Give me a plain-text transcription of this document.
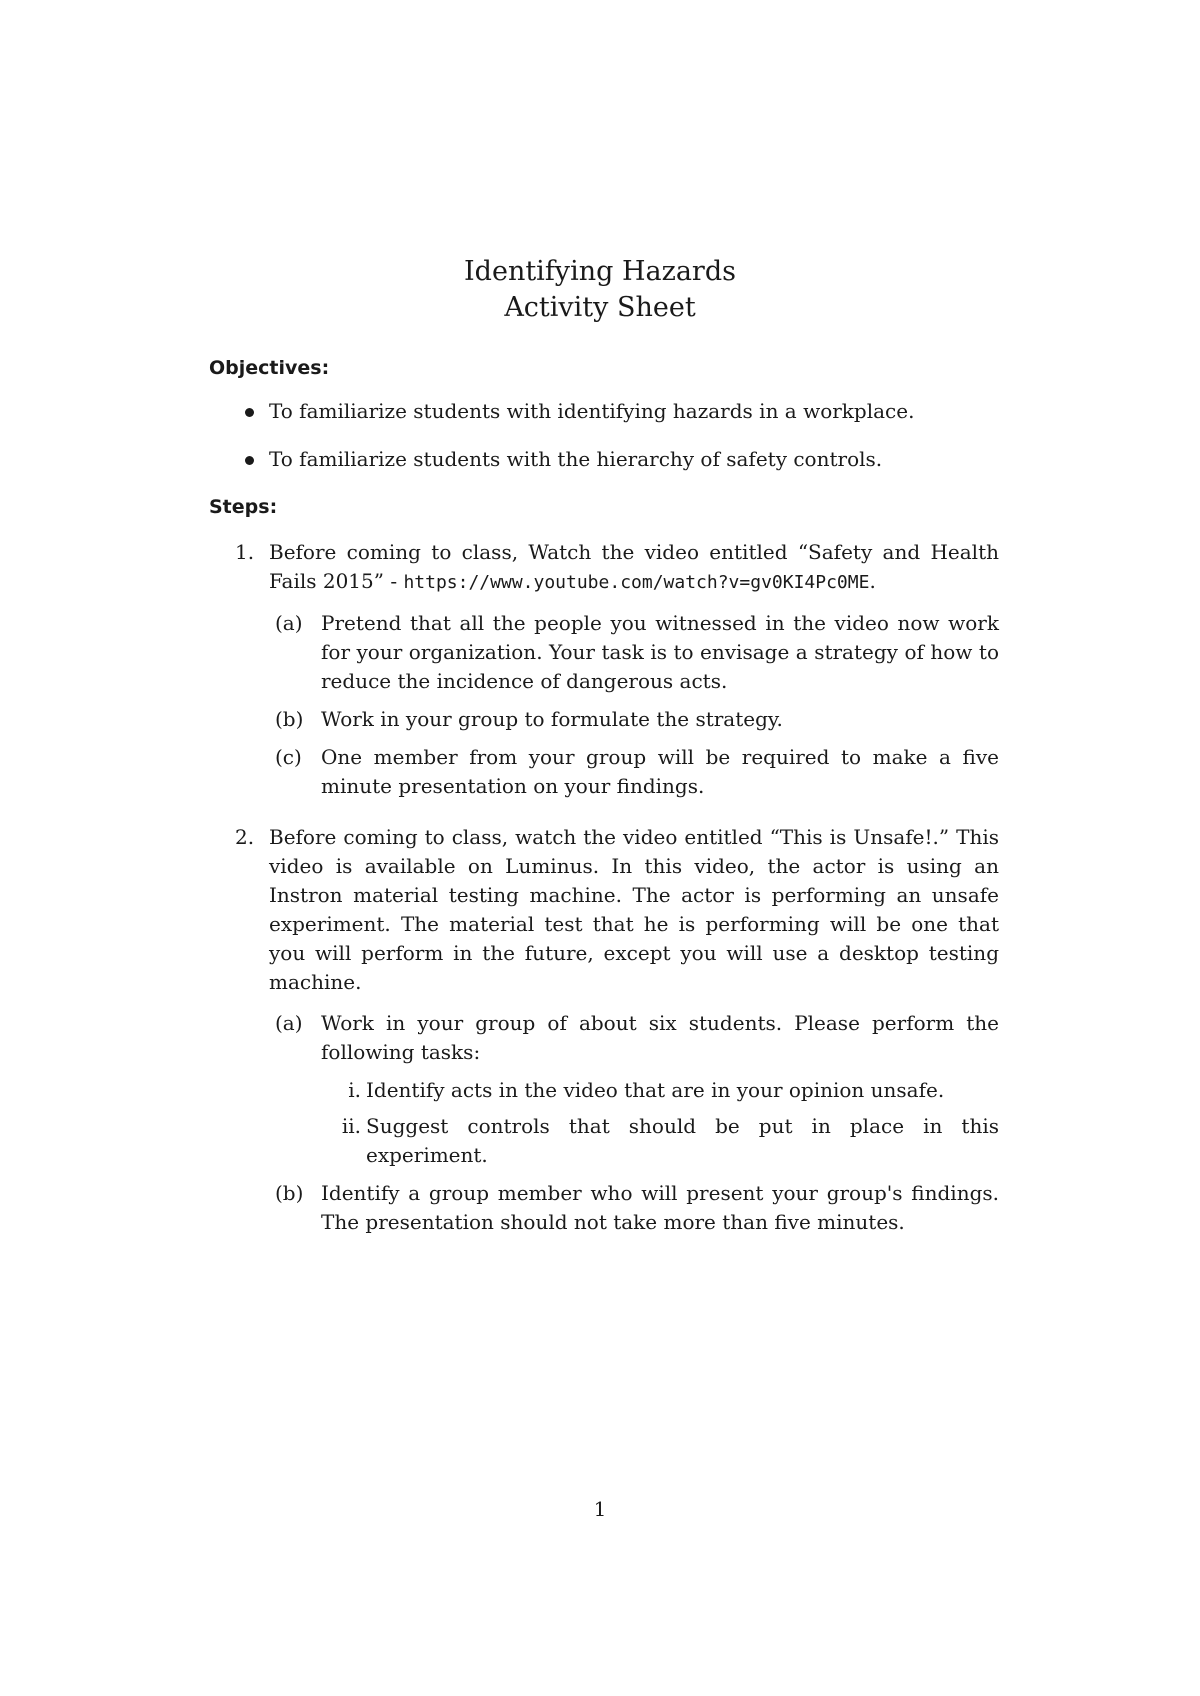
Identifying Hazards
Activity Sheet
Objectives:
To familiarize students with identifying hazards in a workplace.
To familiarize students with the hierarchy of safety controls.
Steps:
1. Before coming to class, Watch the video entitled “Safety and Health Fails 2015” - https://www.youtube.com/watch?v=gv0KI4Pc0ME.
(a) Pretend that all the people you witnessed in the video now work for your organization. Your task is to envisage a strategy of how to reduce the incidence of dangerous acts.
(b) Work in your group to formulate the strategy.
(c) One member from your group will be required to make a five minute presentation on your findings.
2. Before coming to class, watch the video entitled “This is Unsafe!.” This video is available on Luminus. In this video, the actor is using an Instron material testing machine. The actor is performing an unsafe experiment. The material test that he is performing will be one that you will perform in the future, except you will use a desktop testing machine.
(a) Work in your group of about six students. Please perform the following tasks:
i. Identify acts in the video that are in your opinion unsafe.
ii. Suggest controls that should be put in place in this experiment.
(b) Identify a group member who will present your group's findings. The presentation should not take more than five minutes.
1
